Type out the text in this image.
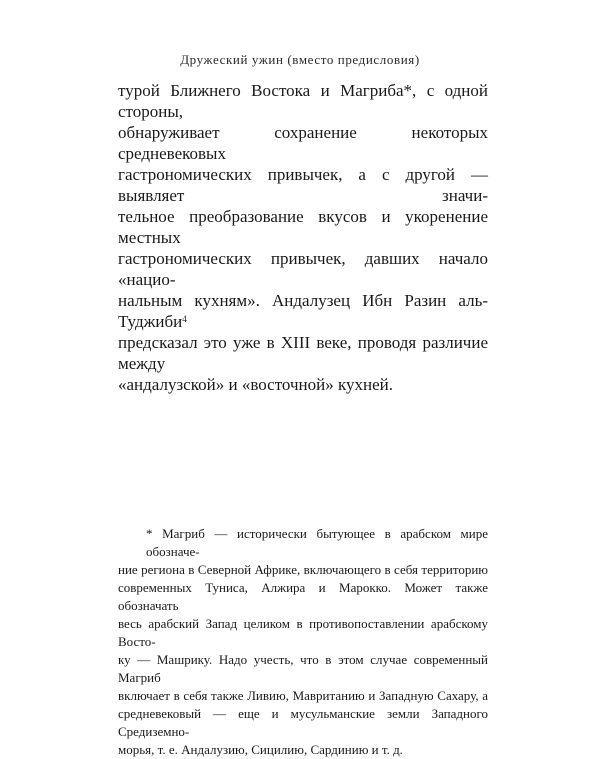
Дружеский ужин (вместо предисловия)
турой Ближнего Востока и Магриба*, с одной стороны,
обнаруживает сохранение некоторых средневековых
гастрономических привычек, а с другой — выявляет значи-
тельное преобразование вкусов и укоренение местных
гастрономических привычек, давших начало «нацио-
нальным кухням». Андалузец Ибн Разин аль-Туджиби$^4$
предсказал это уже в XIII веке, проводя различие между
«андалузской» и «восточной» кухней.
* Магриб — исторически бытующее в арабском мире обозначе-
ние региона в Северной Африке, включающего в себя территорию
современных Туниса, Алжира и Марокко. Может также обозначать
весь арабский Запад целиком в противопоставлении арабскому Восто-
ку — Машрику. Надо учесть, что в этом случае современный Магриб
включает в себя также Ливию, Мавританию и Западную Сахару, а
средневековый — еще и мусульманские земли Западного Средиземно-
морья, т. е. Андалузию, Сицилию, Сардинию и т. д.
